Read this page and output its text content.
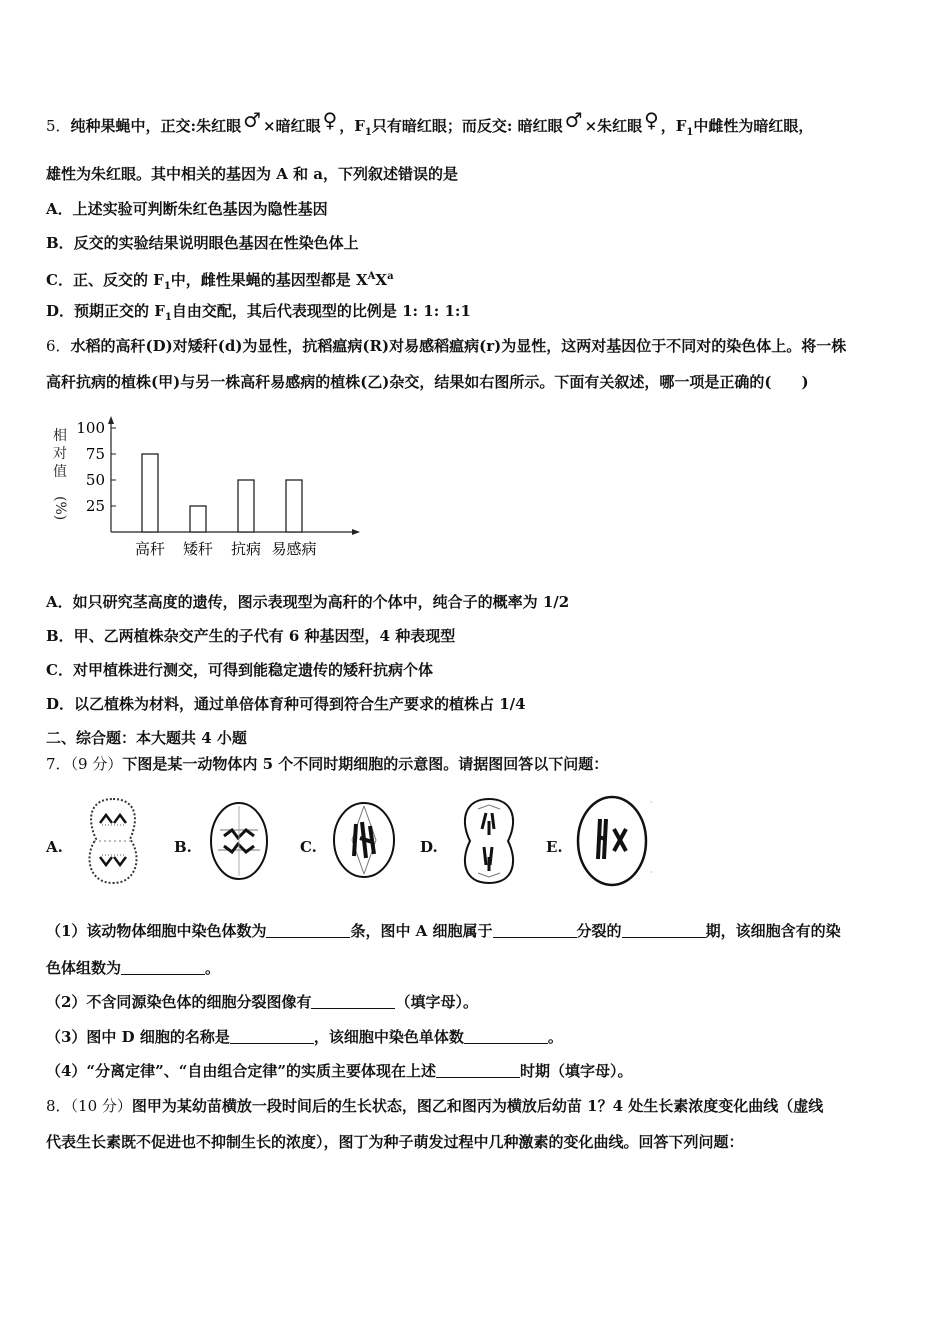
5．纯种果蝇中，正交:朱红眼 ♂ ×暗红眼 ♀ ，$F_1$只有暗红眼；而反交: 暗红眼 ♂ ×朱红眼 ♀ ，$F_1$中雌性为暗红眼，
雄性为朱红眼。其中相关的基因为 A 和 a，下列叙述错误的是
A．上述实验可判断朱红色基因为隐性基因
B．反交的实验结果说明眼色基因在性染色体上
C．正、反交的 $F_1$中，雌性果蝇的基因型都是 $X^AX^a$
D．预期正交的 $F_1$自由交配，其后代表现型的比例是 1: 1: 1:1
6．水稻的高秆(D)对矮秆(d)为显性，抗稻瘟病(R)对易感稻瘟病(r)为显性，这两对基因位于不同对的染色体上。将一株
高秆抗病的植株(甲)与另一株高秆易感病的植株(乙)杂交，结果如右图所示。下面有关叙述，哪一项是正确的(　　)
相
对
值
(%)
100
75
50
25
高秆 矮秆 抗病 易感病
A．如只研究茎高度的遗传，图示表现型为高秆的个体中，纯合子的概率为 1/2
B．甲、乙两植株杂交产生的子代有 6 种基因型，4 种表现型
C．对甲植株进行测交，可得到能稳定遗传的矮秆抗病个体
D．以乙植株为材料，通过单倍体育种可得到符合生产要求的植株占 1/4
二、综合题：本大题共 4 小题
7．（9 分）下图是某一动物体内 5 个不同时期细胞的示意图。请据图回答以下问题：
A.	B.	C.	D.	E.
·
·
（1）该动物体细胞中染色体数为	条，图中 A 细胞属于	分裂的	期，该细胞含有的染
色体组数为	。
（2）不含同源染色体的细胞分裂图像有	（填字母）。
（3）图中 D 细胞的名称是	，该细胞中染色单体数	。
（4）“分离定律”、“自由组合定律”的实质主要体现在上述	时期（填字母）。
8．（10 分）图甲为某幼苗横放一段时间后的生长状态，图乙和图丙为横放后幼苗 1？4 处生长素浓度变化曲线（虚线
代表生长素既不促进也不抑制生长的浓度），图丁为种子萌发过程中几种激素的变化曲线。回答下列问题：
